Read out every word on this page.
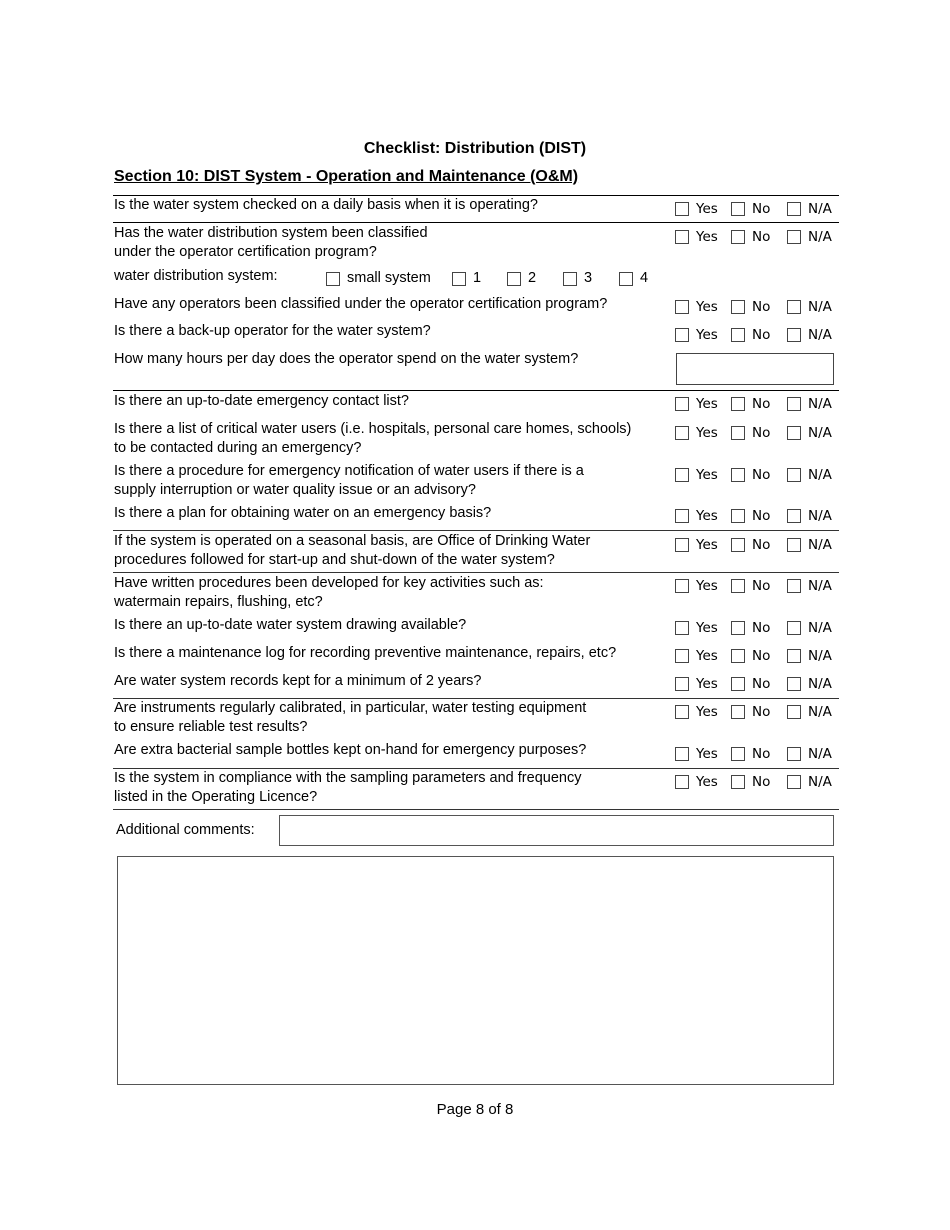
Checklist: Distribution (DIST)
Section 10: DIST System - Operation and Maintenance (O&M)
Is the water system checked on a daily basis when it is operating?	Yes	No	N/A
Has the water distribution system been classified
under the operator certification program?
Yes	No	N/A
Have any operators been classified under the operator certification program?	Yes	No	N/A
Is there a back-up operator for the water system?	Yes	No	N/A
How many hours per day does the operator spend on the water system?
Is there an up-to-date emergency contact list?	Yes	No	N/A
Is there a list of critical water users (i.e. hospitals, personal care homes, schools)
to be contacted during an emergency?
Yes	No	N/A
Is there a procedure for emergency notification of water users if there is a
supply interruption or water quality issue or an advisory?
Yes	No	N/A
Is there a plan for obtaining water on an emergency basis?	Yes	No	N/A
If the system is operated on a seasonal basis, are Office of Drinking Water
procedures followed for start-up and shut-down of the water system?
Yes	No	N/A
Have written procedures been developed for key activities such as:
watermain repairs, flushing, etc?
Yes	No	N/A
Is there an up-to-date water system drawing available?	Yes	No	N/A
Is there a maintenance log for recording preventive maintenance, repairs, etc?	Yes	No	N/A
Are water system records kept for a minimum of 2 years?	Yes	No	N/A
Are instruments regularly calibrated, in particular, water testing equipment
to ensure reliable test results?
Yes	No	N/A
Are extra bacterial sample bottles kept on-hand for emergency purposes?	Yes	No	N/A
Is the system in compliance with the sampling parameters and frequency
listed in the Operating Licence?
Yes	No	N/A
water distribution system:	small system	1	2	3	4
Additional comments:
Page 8 of 8
